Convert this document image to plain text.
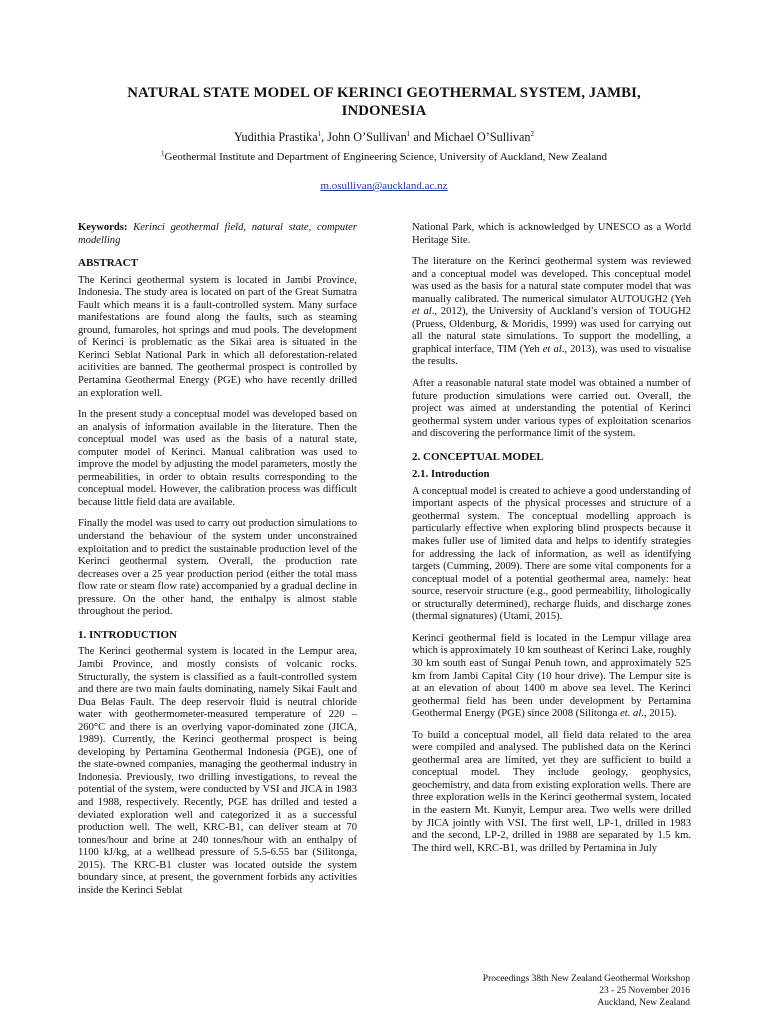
NATURAL STATE MODEL OF KERINCI GEOTHERMAL SYSTEM, JAMBI, INDONESIA
Yudithia Prastika$^1$, John O’Sullivan$^1$ and Michael O’Sullivan$^2$
$^1$Geothermal Institute and Department of Engineering Science, University of Auckland, New Zealand
m.osullivan@auckland.ac.nz

Keywords: Kerinci geothermal field, natural state, computer modelling

ABSTRACT

The Kerinci geothermal system is located in Jambi Province, Indonesia. The study area is located on part of the Great Sumatra Fault which means it is a fault-controlled system. Many surface manifestations are found along the faults, such as steaming ground, fumaroles, hot springs and mud pools. The development of Kerinci is problematic as the Sikai area is situated in the Kerinci Seblat National Park in which all deforestation-related acitivities are banned. The geothermal prospect is controlled by Pertamina Geothermal Energy (PGE) who have recently drilled an exploration well.

In the present study a conceptual model was developed based on an analysis of information available in the literature. Then the conceptual model was used as the basis of a natural state, computer model of Kerinci. Manual calibration was used to improve the model by adjusting the model parameters, mostly the permeabilities, in order to obtain results corresponding to the conceptual model. However, the calibration process was difficult because little field data are available.

Finally the model was used to carry out production simulations to understand the behaviour of the system under unconstrained exploitation and to predict the sustainable production level of the Kerinci geothermal system. Overall, the production rate decreases over a 25 year production period (either the total mass flow rate or steam flow rate) accompanied by a gradual decline in pressure. On the other hand, the enthalpy is almost stable throughout the period.

1. INTRODUCTION

The Kerinci geothermal system is located in the Lempur area, Jambi Province, and mostly consists of volcanic rocks. Structurally, the system is classified as a fault-controlled system and there are two main faults dominating, namely Sikai Fault and Dua Belas Fault. The deep reservoir fluid is neutral chloride water with geothermometer-measured temperature of 220 – 260°C and there is an overlying vapor-dominated zone (JICA, 1989). Currently, the Kerinci geothermal prospect is being developing by Pertamina Geothermal Indonesia (PGE), one of the state-owned companies, managing the geothermal industry in Indonesia. Previously, two drilling investigations, to reveal the potential of the system, were conducted by VSI and JICA in 1983 and 1988, respectively. Recently, PGE has drilled and tested a deviated exploration well and categorized it as a successful production well. The well, KRC-B1, can deliver steam at 70 tonnes/hour and brine at 240 tonnes/hour with an enthalpy of 1100 kJ/kg, at a wellhead pressure of 5.5-6.55 bar (Silitonga, 2015). The KRC-B1 cluster was located outside the system boundary since, at present, the government forbids any activities inside the Kerinci Seblat

National Park, which is acknowledged by UNESCO as a World Heritage Site.

The literature on the Kerinci geothermal system was reviewed and a conceptual model was developed. This conceptual model was used as the basis for a natural state computer model that was manually calibrated. The numerical simulator AUTOUGH2 (Yeh et al., 2012), the University of Auckland’s version of TOUGH2 (Pruess, Oldenburg, & Moridis, 1999) was used for carrying out all the natural state simulations. To support the modelling, a graphical interface, TIM (Yeh et al., 2013), was used to visualise the results.

After a reasonable natural state model was obtained a number of future production simulations were carried out. Overall, the project was aimed at understanding the potential of Kerinci geothermal system under various types of exploitation scenarios and discovering the performance limit of the system.

2. CONCEPTUAL MODEL
2.1. Introduction

A conceptual model is created to achieve a good understanding of important aspects of the physical processes and structure of a geothermal system. The conceptual modelling approach is particularly effective when exploring blind prospects because it makes fuller use of limited data and helps to identify strategies for addressing the lack of information, as well as identifying targets (Cumming, 2009). There are some vital components for a conceptual model of a potential geothermal area, namely: heat source, reservoir structure (e.g., good permeability, lithologically or structurally determined), recharge fluids, and discharge zones (thermal signatures) (Utami, 2015).

Kerinci geothermal field is located in the Lempur village area which is approximately 10 km southeast of Kerinci Lake, roughly 30 km south east of Sungai Penuh town, and approximately 525 km from Jambi Capital City (10 hour drive). The Lempur site is at an elevation of about 1400 m above sea level. The Kerinci geothermal field has been under development by Pertamina Geothermal Energy (PGE) since 2008 (Silitonga et. al., 2015).

To build a conceptual model, all field data related to the area were compiled and analysed. The published data on the Kerinci geothermal area are limited, yet they are sufficient to build a conceptual model. They include geology, geophysics, geochemistry, and data from existing exploration wells. There are three exploration wells in the Kerinci geothermal system, located in the eastern Mt. Kunyit, Lempur area. Two wells were drilled by JICA jointly with VSI. The first well, LP-1, drilled in 1983 and the second, LP-2, drilled in 1988 are separated by 1.5 km. The third well, KRC-B1, was drilled by Pertamina in July

Proceedings 38th New Zealand Geothermal Workshop
23 - 25 November 2016
Auckland, New Zealand
